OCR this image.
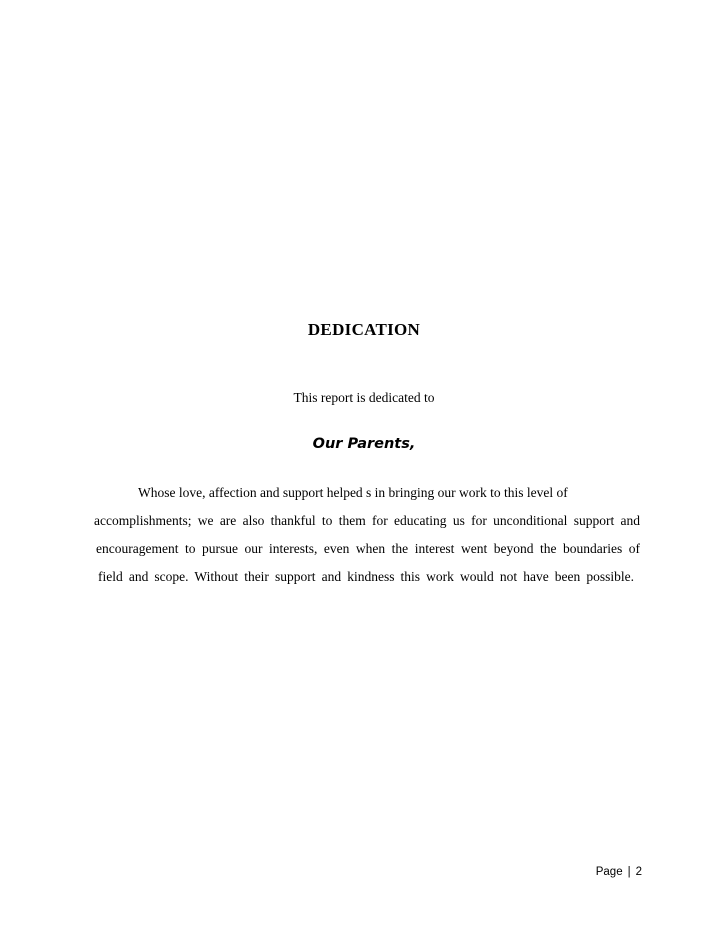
DEDICATION
This report is dedicated to
Our Parents,
Whose love, affection and support helped s in bringing our work to this level of
accomplishments; we are also thankful to them for educating us for unconditional support and
encouragement to pursue our interests, even when the interest went beyond the boundaries of
field and scope. Without their support and kindness this work would not have been possible.
Page | 2
